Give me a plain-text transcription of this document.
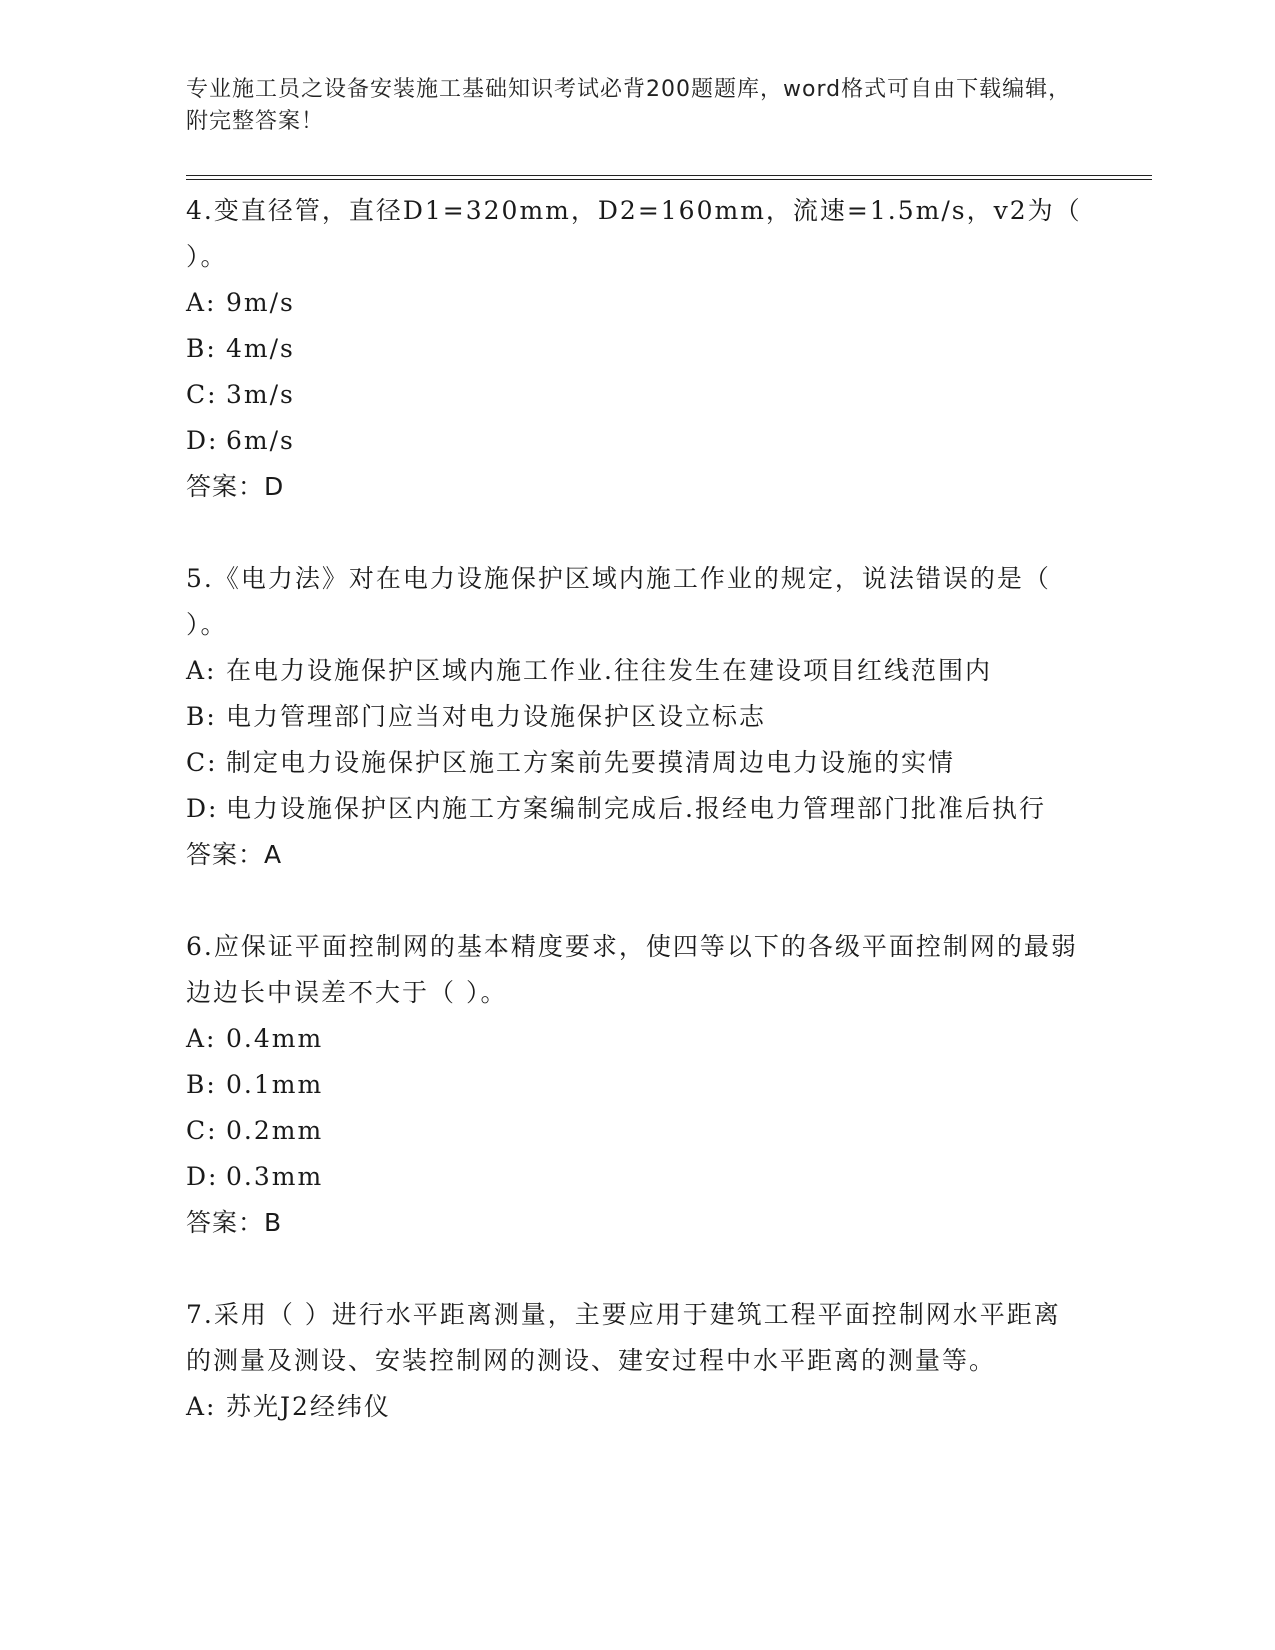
专业施工员之设备安装施工基础知识考试必背200题题库，word格式可自由下载编辑，附完整答案！

4.变直径管，直径D1=320mm，D2=160mm，流速=1.5m/s，v2为（ ）。

A: 9m/s

B: 4m/s

C: 3m/s

D: 6m/s

答案：D

5.《电力法》对在电力设施保护区域内施工作业的规定，说法错误的是（ ）。

A: 在电力设施保护区域内施工作业.往往发生在建设项目红线范围内

B: 电力管理部门应当对电力设施保护区设立标志

C: 制定电力设施保护区施工方案前先要摸清周边电力设施的实情

D: 电力设施保护区内施工方案编制完成后.报经电力管理部门批准后执行

答案：A

6.应保证平面控制网的基本精度要求，使四等以下的各级平面控制网的最弱边边长中误差不大于（ ）。

A: 0.4mm

B: 0.1mm

C: 0.2mm

D: 0.3mm

答案：B

7.采用（ ）进行水平距离测量，主要应用于建筑工程平面控制网水平距离的测量及测设、安装控制网的测设、建安过程中水平距离的测量等。

A: 苏光J2经纬仪
